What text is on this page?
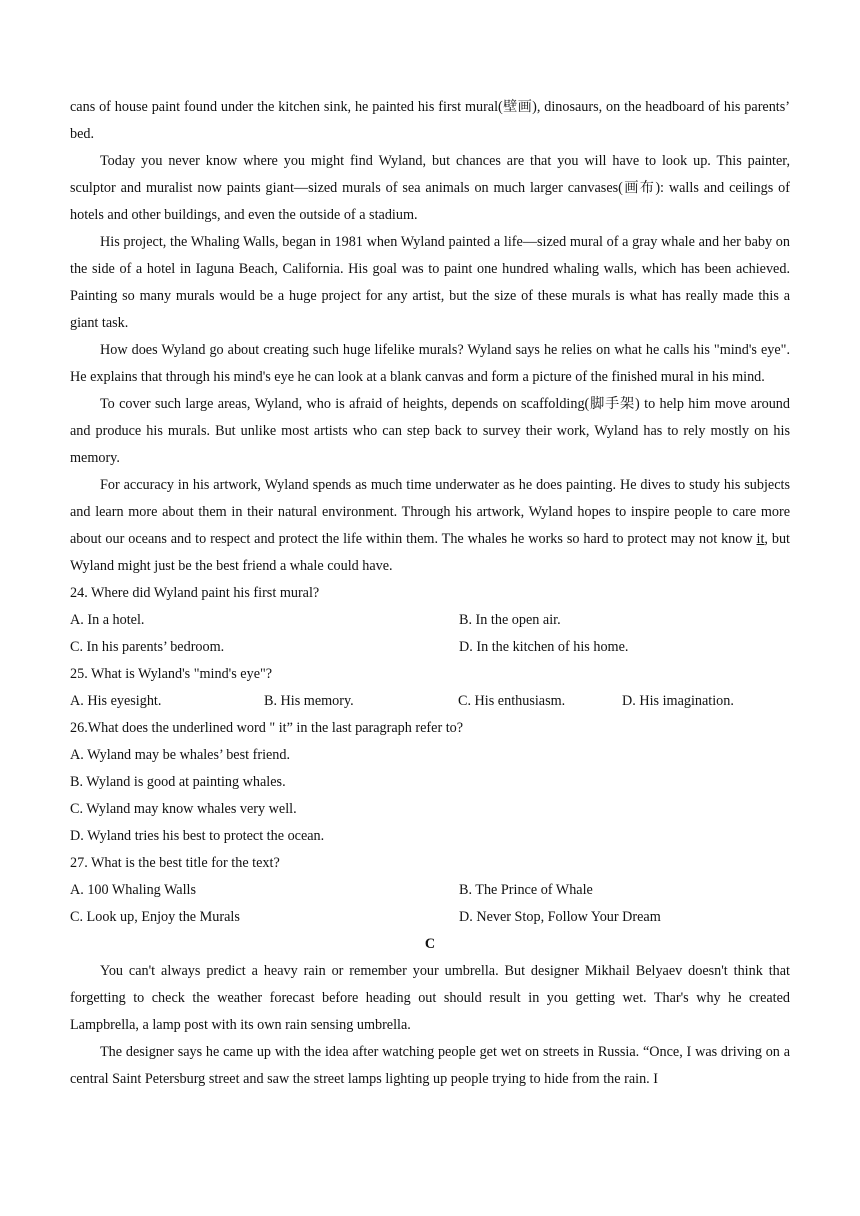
cans of house paint found under the kitchen sink, he painted his first mural(壁画), dinosaurs, on the headboard of his parents’ bed.

Today you never know where you might find Wyland, but chances are that you will have to look up. This painter, sculptor and muralist now paints giant—sized murals of sea animals on much larger canvases(画布): walls and ceilings of hotels and other buildings, and even the outside of a stadium.

His project, the Whaling Walls, began in 1981 when Wyland painted a life—sized mural of a gray whale and her baby on the side of a hotel in Iaguna Beach, California. His goal was to paint one hundred whaling walls, which has been achieved. Painting so many murals would be a huge project for any artist, but the size of these murals is what has really made this a giant task.

How does Wyland go about creating such huge lifelike murals? Wyland says he relies on what he calls his "mind's eye". He explains that through his mind's eye he can look at a blank canvas and form a picture of the finished mural in his mind.

To cover such large areas, Wyland, who is afraid of heights, depends on scaffolding(脚手架) to help him move around and produce his murals. But unlike most artists who can step back to survey their work, Wyland has to rely mostly on his memory.

For accuracy in his artwork, Wyland spends as much time underwater as he does painting. He dives to study his subjects and learn more about them in their natural environment. Through his artwork, Wyland hopes to inspire people to care more about our oceans and to respect and protect the life within them. The whales he works so hard to protect may not know it, but Wyland might just be the best friend a whale could have.

24. Where did Wyland paint his first mural?

A. In a hotel.	B. In the open air.
C. In his parents’ bedroom.	D. In the kitchen of his home.

25. What is Wyland's "mind's eye"?

A. His eyesight.	B. His memory.	C. His enthusiasm.	D. His imagination.

26.What does the underlined word " it” in the last paragraph refer to?

A. Wyland may be whales’ best friend.

B. Wyland is good at painting whales.

C. Wyland may know whales very well.

D. Wyland tries his best to protect the ocean.

27. What is the best title for the text?

A. 100 Whaling Walls	B. The Prince of Whale
C. Look up, Enjoy the Murals	D. Never Stop, Follow Your Dream

C

You can't always predict a heavy rain or remember your umbrella. But designer Mikhail Belyaev doesn't think that forgetting to check the weather forecast before heading out should result in you getting wet. Thar's why he created Lampbrella, a lamp post with its own rain sensing umbrella.

The designer says he came up with the idea after watching people get wet on streets in Russia. “Once, I was driving on a central Saint Petersburg street and saw the street lamps lighting up people trying to hide from the rain. I
